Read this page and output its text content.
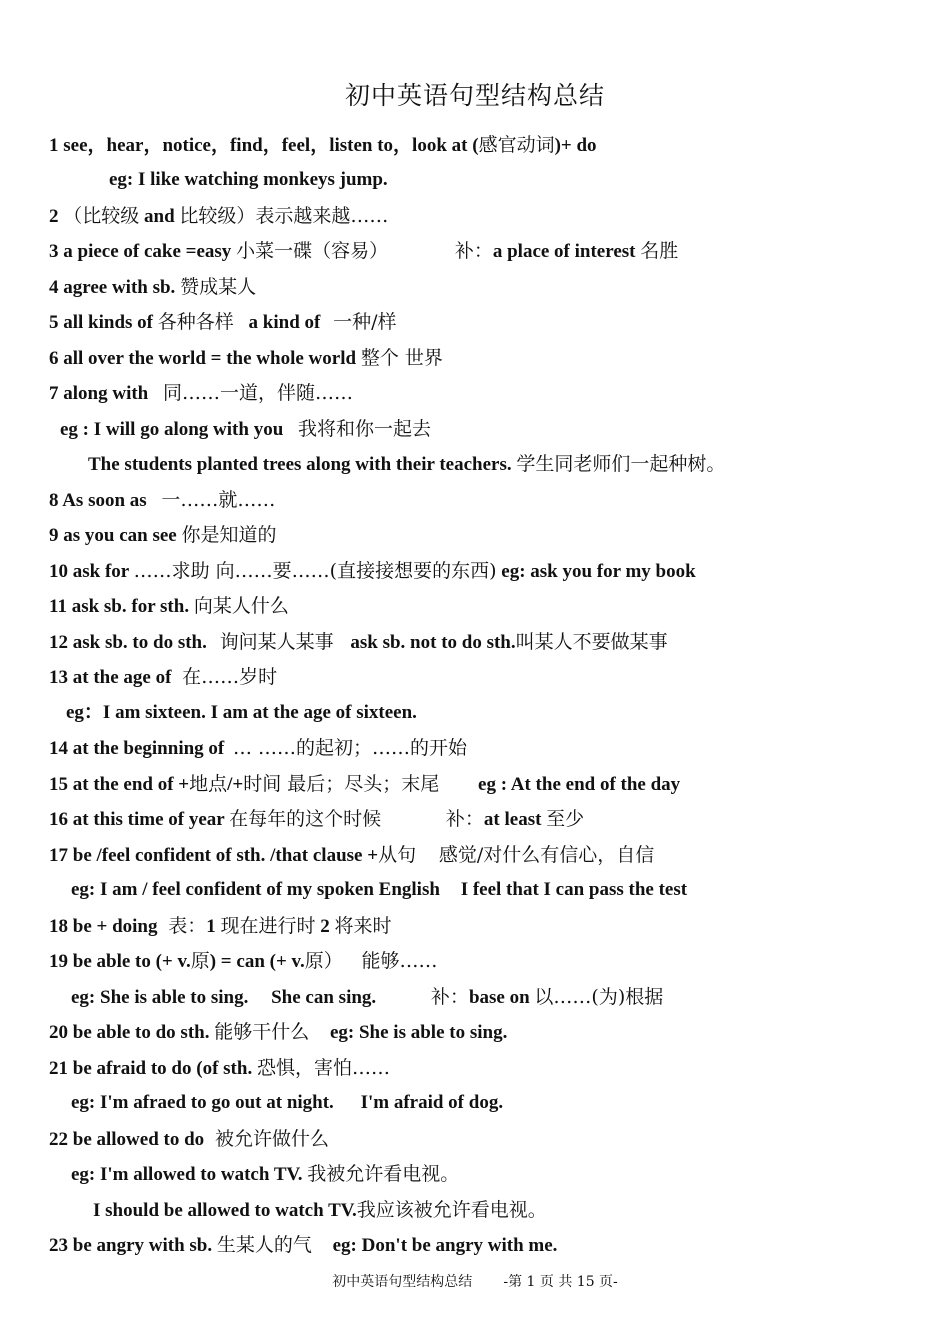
初中英语句型结构总结
1 see，hear，notice，find，feel，listen to，look at (感官动词)+ do
eg: I like watching monkeys jump.
2 （比较级 and 比较级）表示越来越……
3 a piece of cake =easy 小菜一碟（容易）	补：a place of interest 名胜
4 agree with sb. 赞成某人
5 all kinds of 各种各样 a kind of 一种/样
6 all over the world = the whole world 整个 世界
7 along with 同……一道，伴随……
eg : I will go along with you 我将和你一起去
The students planted trees along with their teachers. 学生同老师们一起种树。
8 As soon as 一……就……
9 as you can see 你是知道的
10 ask for ……求助 向……要……(直接接想要的东西) eg: ask you for my book
11 ask sb. for sth. 向某人什么
12 ask sb. to do sth. 询问某人某事 ask sb. not to do sth.叫某人不要做某事
13 at the age of 在……岁时
eg：I am sixteen. I am at the age of sixteen.
14 at the beginning of … ……的起初；……的开始
15 at the end of +地点/+时间 最后；尽头；末尾 eg : At the end of the day
16 at this time of year 在每年的这个时候	补：at least 至少
17 be /feel confident of sth. /that clause +从句 感觉/对什么有信心，自信
eg: I am / feel confident of my spoken English I feel that I can pass the test
18 be + doing 表：1 现在进行时 2 将来时
19 be able to (+ v.原) = can (+ v.原） 能够……
eg: She is able to sing. She can sing.	补：base on 以……(为)根据
20 be able to do sth. 能够干什么 eg: She is able to sing.
21 be afraid to do (of sth. 恐惧，害怕……
eg: I'm afraed to go out at night. I'm afraid of dog.
22 be allowed to do 被允许做什么
eg: I'm allowed to watch TV. 我被允许看电视。
I should be allowed to watch TV.我应该被允许看电视。
23 be angry with sb. 生某人的气 eg: Don't be angry with me.
初中英语句型结构总结       -第 1 页 共 15 页-
